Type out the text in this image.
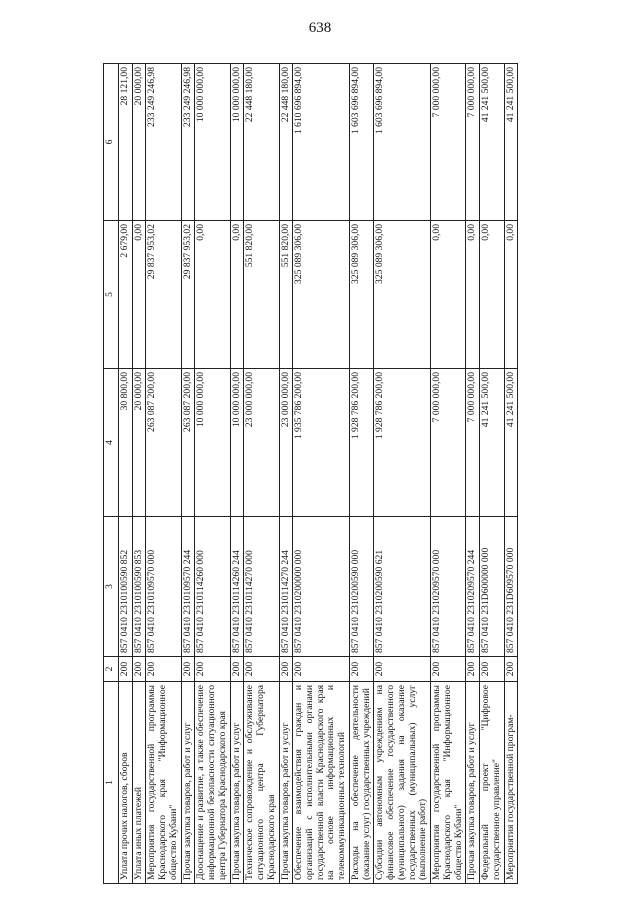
638
1	2	3	4	5	6
Уплата прочих налогов, сборов	200	857 0410 2310100590 852	30 800,00	2 679,00	28 121,00
Уплата иных платежей	200	857 0410 2310100590 853	20 000,00	0,00	20 000,00
Мероприятия государственной программы Краснодарского края "Информационное общество Кубани"	200	857 0410 2310109570 000	263 087 200,00	29 837 953,02	233 249 246,98
Прочая закупка товаров, работ и услуг	200	857 0410 2310109570 244	263 087 200,00	29 837 953,02	233 249 246,98
Дооснащение и развитие, а также обеспечение информационной безопасности ситуационного центра Губернатора Краснодарского края	200	857 0410 2310114260 000	10 000 000,00	0,00	10 000 000,00
Прочая закупка товаров, работ и услуг	200	857 0410 2310114260 244	10 000 000,00	0,00	10 000 000,00
Техническое сопровождение и обслуживание ситуационного центра Губернатора Краснодарского края	200	857 0410 2310114270 000	23 000 000,00	551 820,00	22 448 180,00
Прочая закупка товаров, работ и услуг	200	857 0410 2310114270 244	23 000 000,00	551 820,00	22 448 180,00
Обеспечение взаимодействия граждан и организаций с исполнительными органами государственной власти Краснодарского края на основе информационных и телекоммуникационных технологий	200	857 0410 2310200000 000	1 935 786 200,00	325 089 306,00	1 610 696 894,00
Расходы на обеспечение деятельности (оказание услуг) государственных учреждений	200	857 0410 2310200590 000	1 928 786 200,00	325 089 306,00	1 603 696 894,00
Субсидии автономным учреждениям на финансовое обеспечение государственного (муниципального) задания на оказание государственных (муниципальных) услуг (выполнение работ)	200	857 0410 2310200590 621	1 928 786 200,00	325 089 306,00	1 603 696 894,00
Мероприятия государственной программы Краснодарского края "Информационное общество Кубани"	200	857 0410 2310209570 000	7 000 000,00	0,00	7 000 000,00
Прочая закупка товаров, работ и услуг	200	857 0410 2310209570 244	7 000 000,00	0,00	7 000 000,00
Федеральный проект "Цифровое государственное управление"	200	857 0410 231D600000 000	41 241 500,00	0,00	41 241 500,00
Мероприятия государственной програм-	200	857 0410 231D609570 000	41 241 500,00	0,00	41 241 500,00
